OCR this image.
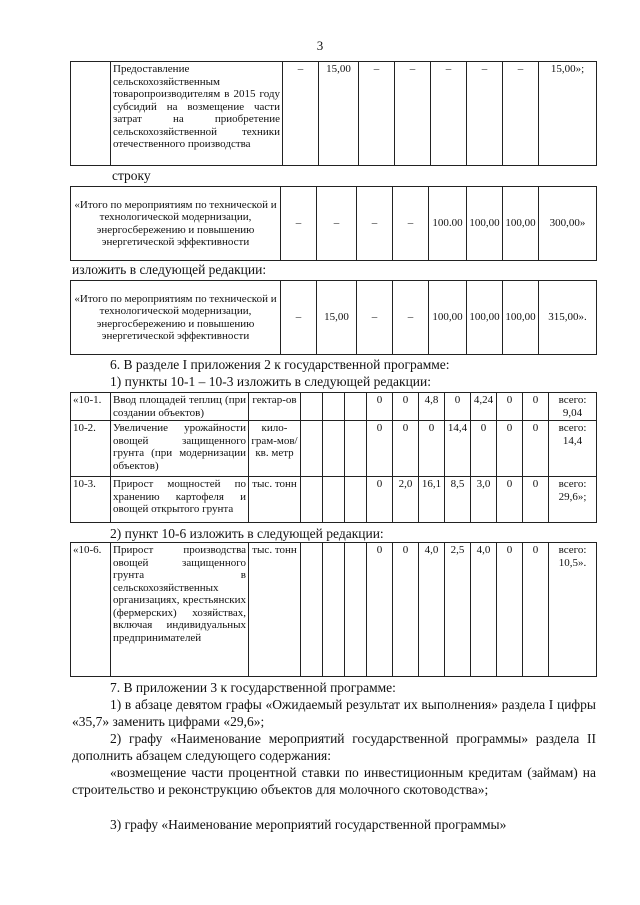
3
	Предоставление сельскохозяйственным товаропроизводителям в 2015 году субсидий на возмещение части затрат на приобретение сельскохозяйственной техники отечественного производства	–	15,00	–	–	–	–	–	15,00»;
строку
«Итого по мероприятиям по технической и технологической модернизации, энергосбережению и повышению энергетической эффективности	–	–	–	–	100.00	100,00	100,00	300,00»
изложить в следующей редакции:
«Итого по мероприятиям по технической и технологической модернизации, энергосбережению и повышению энергетической эффективности	–	15,00	–	–	100,00	100,00	100,00	315,00».
6. В разделе I приложения 2 к государственной программе:
1) пункты 10-1 – 10-3 изложить в следующей редакции:
«10-1.	Ввод площадей теплиц (при создании объектов)	гектар-ов				0	0	4,8	0	4,24	0	0	всего: 9,04
10-2.	Увеличение урожайности овощей защищенного грунта (при модернизации объектов)	кило-грам-мов/ кв. метр				0	0	0	14,4	0	0	0	всего: 14,4
10-3.	Прирост мощностей по хранению картофеля и овощей открытого грунта	тыс. тонн				0	2,0	16,1	8,5	3,0	0	0	всего: 29,6»;
2) пункт 10-6 изложить в следующей редакции:
«10-6.	Прирост производства овощей защищенного грунта в сельскохозяйственных организациях, крестьянских (фермерских) хозяйствах, включая индивидуальных предпринимателей	тыс. тонн				0	0	4,0	2,5	4,0	0	0	всего: 10,5».
7. В приложении 3 к государственной программе:
1) в абзаце девятом графы «Ожидаемый результат их выполнения» раздела I цифры «35,7» заменить цифрами «29,6»;
2) графу «Наименование мероприятий государственной программы» раздела II дополнить абзацем следующего содержания:
«возмещение части процентной ставки по инвестиционным кредитам (займам) на строительство и реконструкцию объектов для молочного скотоводства»;
3) графу «Наименование мероприятий государственной программы»
